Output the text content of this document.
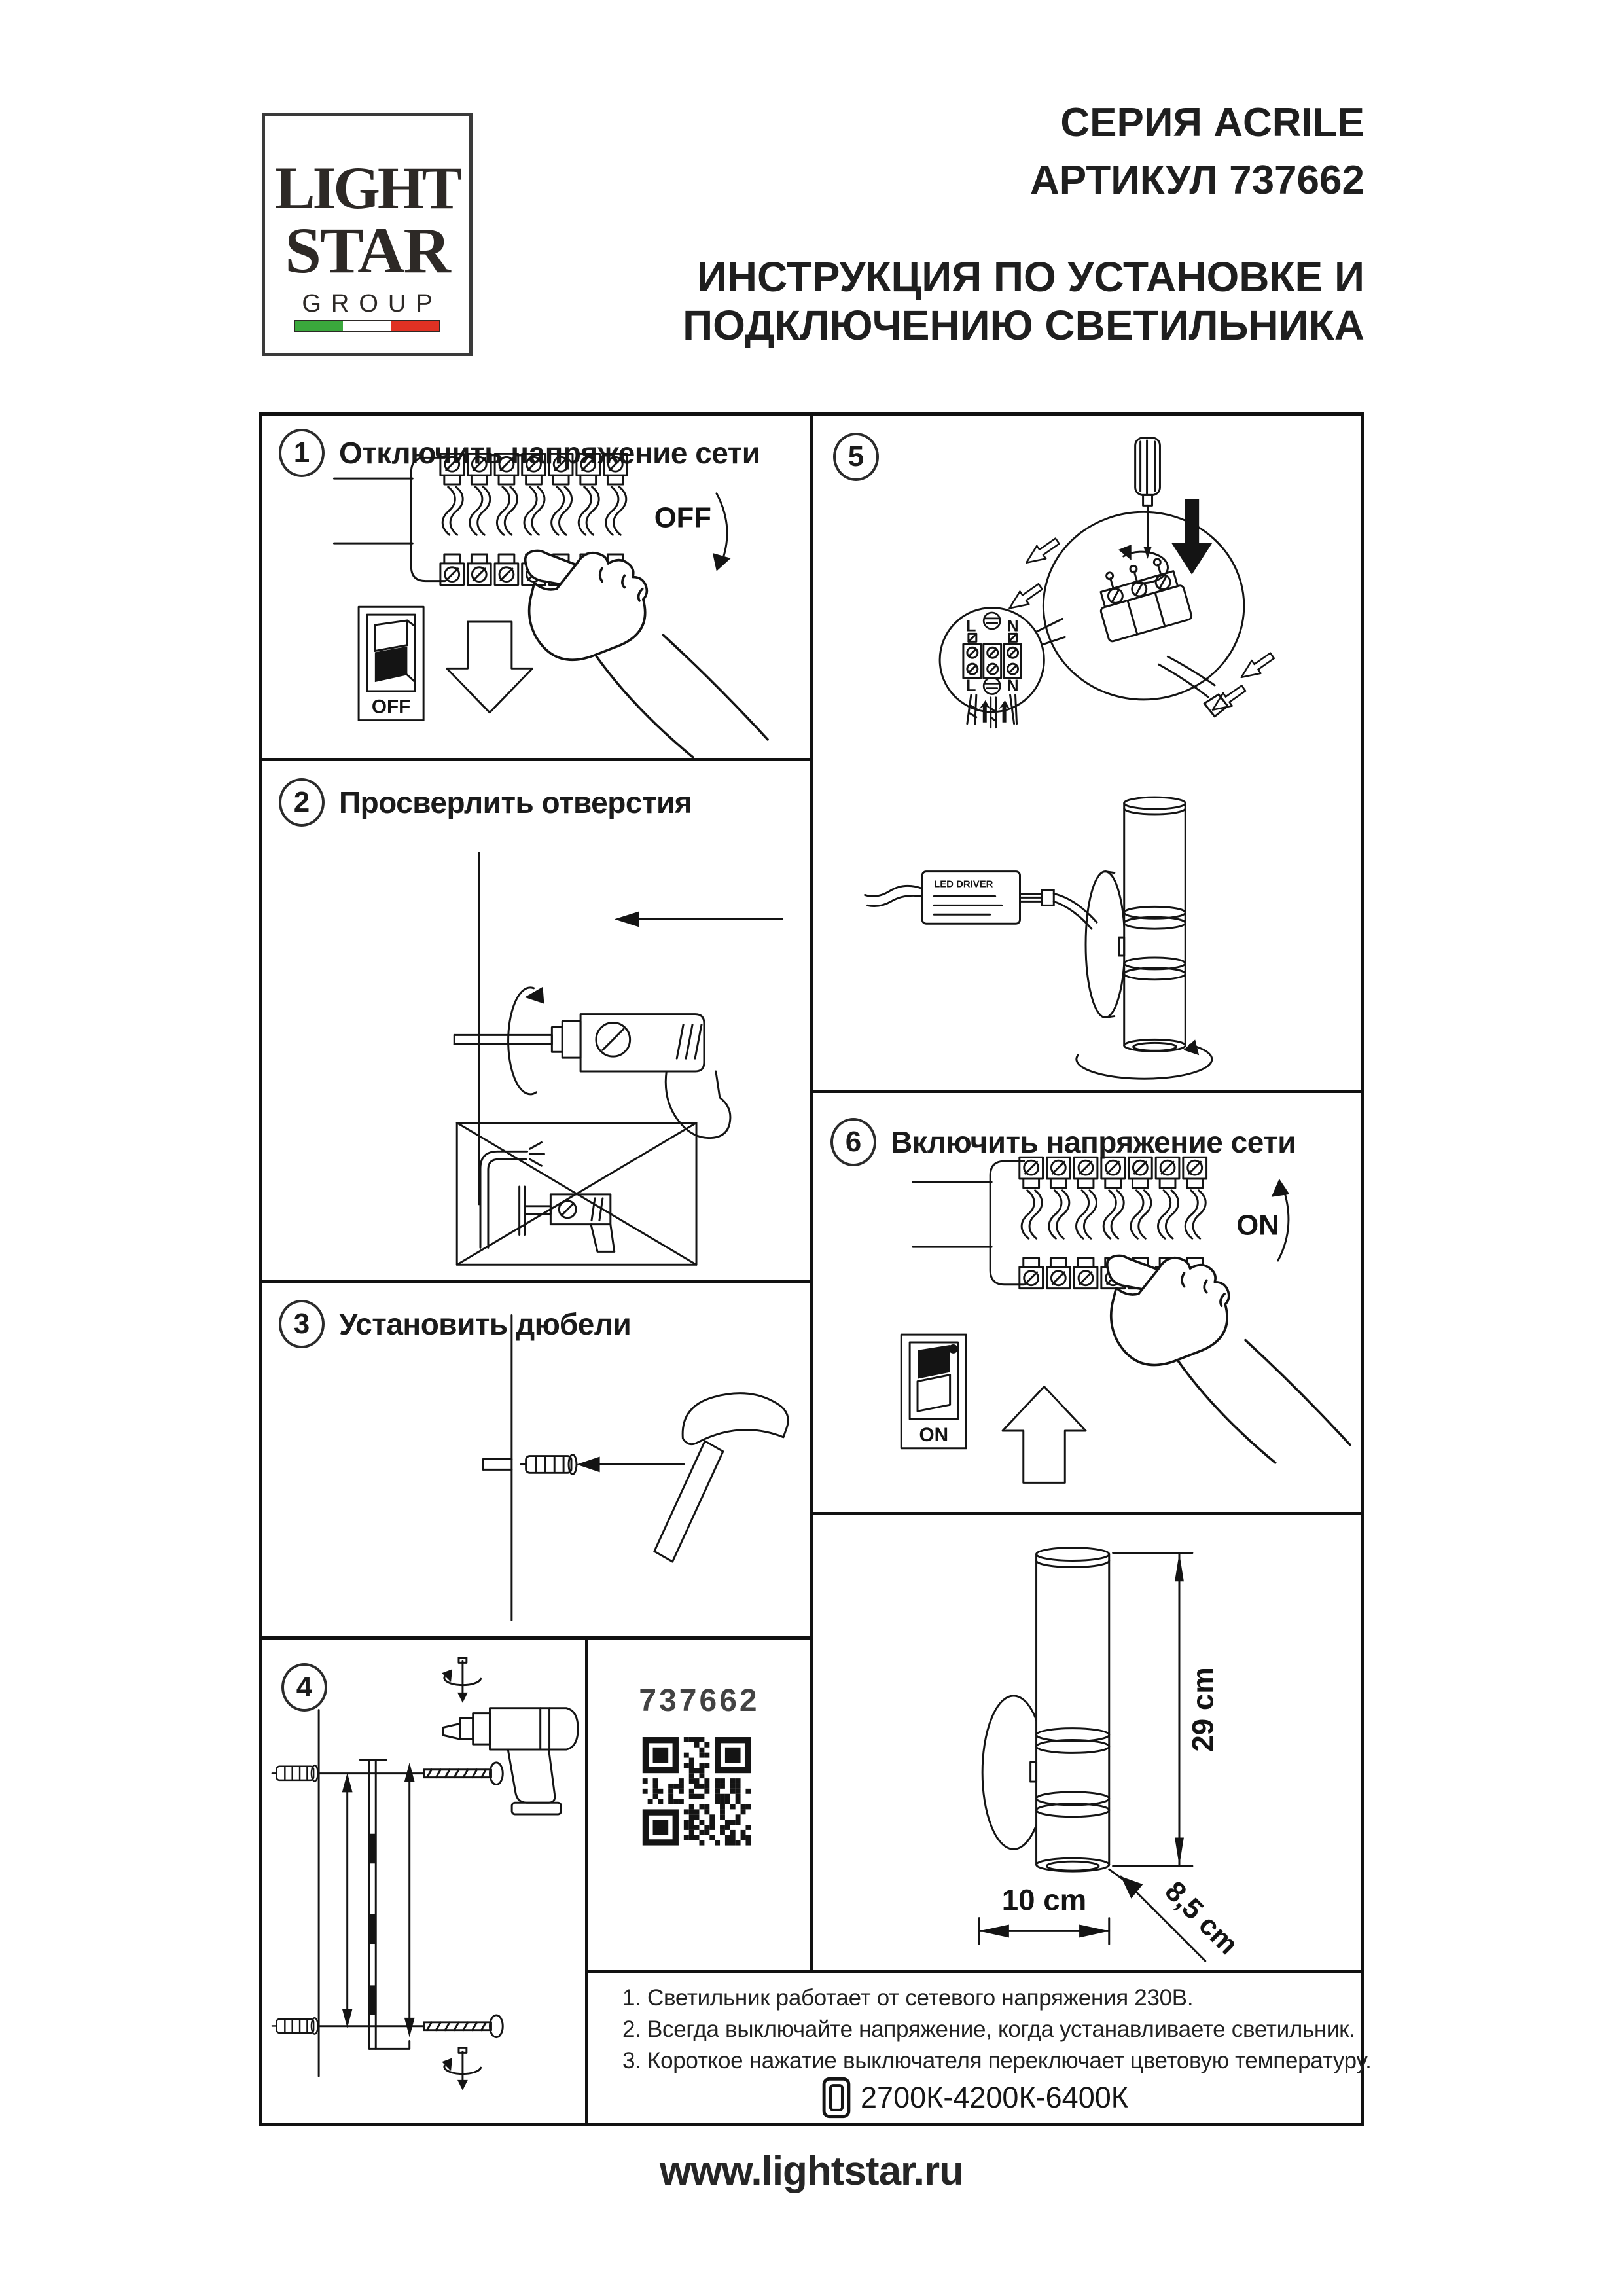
LIGHT
STAR
GROUP
СЕРИЯ ACRILE
АРТИКУЛ 737662
ИНСТРУКЦИЯ ПО УСТАНОВКЕ И
ПОДКЛЮЧЕНИЮ СВЕТИЛЬНИКА
1 Отключить напряжение сети
OFF
OFF
2 Просверлить отверстия
3 Установить дюбели
4	737662
5
L N
L N
LED DRIVER
6 Включить напряжение сети
ON
ON
29 cm
10 cm	8,5 cm
1. Светильник работает от сетевого напряжения 230В.
2. Всегда выключайте напряжение, когда устанавливаете светильник.
3. Короткое нажатие выключателя переключает цветовую температуру.
2700К-4200К-6400К
www.lightstar.ru
